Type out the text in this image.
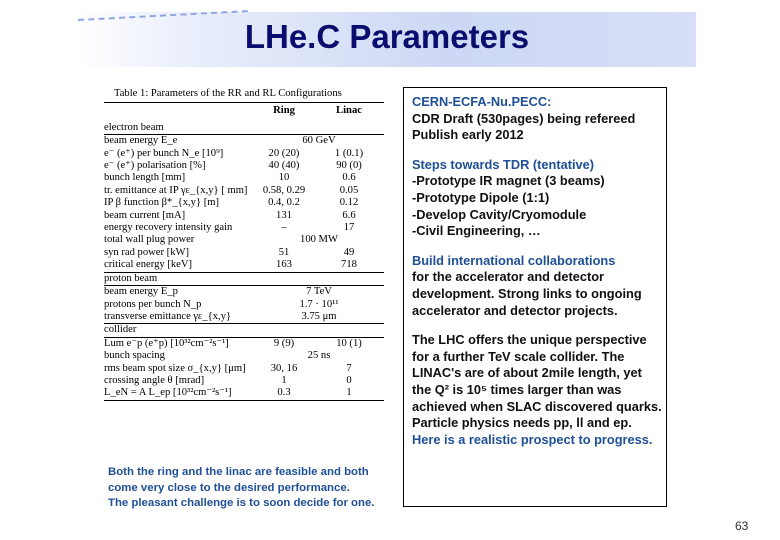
LHe.C Parameters
Table 1: Parameters of the RR and RL Configurations
	Ring	Linac
electron beam		
beam energy E_e	60 GeV	
e⁻ (e⁺) per bunch N_e [10⁹]	20 (20)	1 (0.1)
e⁻ (e⁺) polarisation [%]	40 (40)	90 (0)
bunch length [mm]	10	0.6
tr. emittance at IP γε_{x,y} [ mm]	0.58, 0.29	0.05
IP β function β*_{x,y} [m]	0.4, 0.2	0.12
beam current [mA]	131	6.6
energy recovery intensity gain	–	17
total wall plug power	100 MW	
syn rad power [kW]	51	49
critical energy [keV]	163	718
proton beam		
beam energy E_p	7 TeV	
protons per bunch N_p	1.7 · 10¹¹	
transverse emittance γε_{x,y}	3.75 μm	
collider		
Lum e⁻p (e⁺p) [10³²cm⁻²s⁻¹]	9 (9)	10 (1)
bunch spacing	25 ns	
rms beam spot size σ_{x,y} [μm]	30, 16	7
crossing angle θ [mrad]	1	0
L_eN = A L_ep [10³²cm⁻²s⁻¹]	0.3	1
Both the ring and the linac are feasible and both
come very close to the desired performance.
The pleasant challenge is to soon decide for one.
CERN-ECFA-Nu.PECC:
CDR Draft (530pages) being refereed
Publish early 2012
Steps towards TDR (tentative)
-Prototype IR magnet (3 beams)
-Prototype Dipole (1:1)
-Develop Cavity/Cryomodule
-Civil Engineering, …
Build international collaborations
for the accelerator and detector
development. Strong links to ongoing
accelerator and detector projects.
The LHC offers the unique perspective
for a further TeV scale collider. The
LINAC's are of about 2mile length, yet
the Q² is 10⁵ times larger than was
achieved when SLAC discovered quarks.
Particle physics needs pp, ll and ep.
Here is a realistic prospect to progress.
63
